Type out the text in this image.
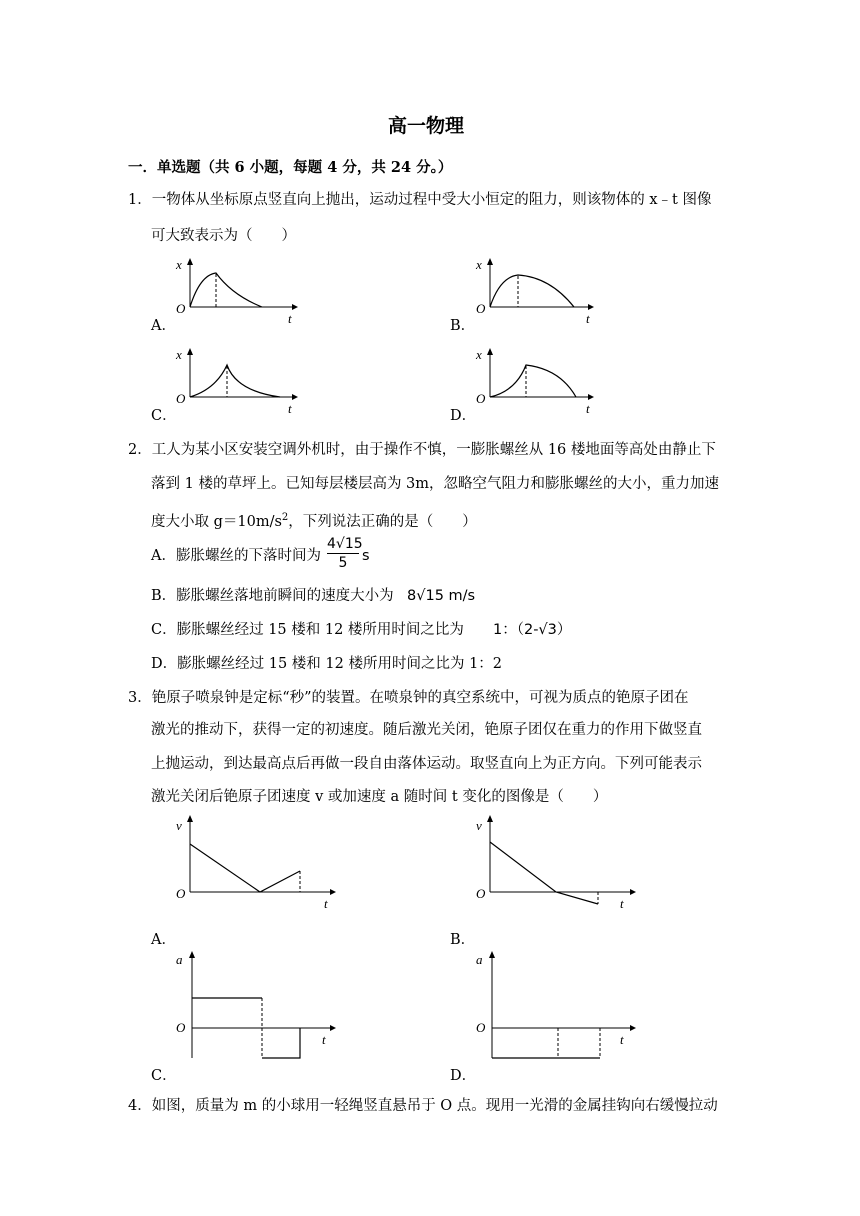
高一物理
一．单选题（共 6 小题，每题 4 分，共 24 分。）
1．一物体从坐标原点竖直向上抛出，运动过程中受大小恒定的阻力，则该物体的 x﹣t 图像
可大致表示为（　　）
x
O
t
A．
x
O
t
B．
x
O
t
C．
x
O
t
D．
2．工人为某小区安装空调外机时，由于操作不慎，一膨胀螺丝从 16 楼地面等高处由静止下
落到 1 楼的草坪上。已知每层楼层高为 3m，忽略空气阻力和膨胀螺丝的大小，重力加速
度大小取 $g=10m/s^2$，下列说法正确的是（　　）
A．膨胀螺丝的下落时间为 $\frac{4√15}{5}$ s
B．膨胀螺丝落地前瞬间的速度大小为 8√15 m/s
C．膨胀螺丝经过 15 楼和 12 楼所用时间之比为 1：（2-√3）
D．膨胀螺丝经过 15 楼和 12 楼所用时间之比为 1：2
3．铯原子喷泉钟是定标“秒”的装置。在喷泉钟的真空系统中，可视为质点的铯原子团在
激光的推动下，获得一定的初速度。随后激光关闭，铯原子团仅在重力的作用下做竖直
上抛运动，到达最高点后再做一段自由落体运动。取竖直向上为正方向。下列可能表示
激光关闭后铯原子团速度 v 或加速度 a 随时间 t 变化的图像是（　　）
v
O
t
A．
v
O
t
B．
a
O
t
C．
a
O
t
D．
4．如图，质量为 m 的小球用一轻绳竖直悬吊于 O 点。现用一光滑的金属挂钩向右缓慢拉动
